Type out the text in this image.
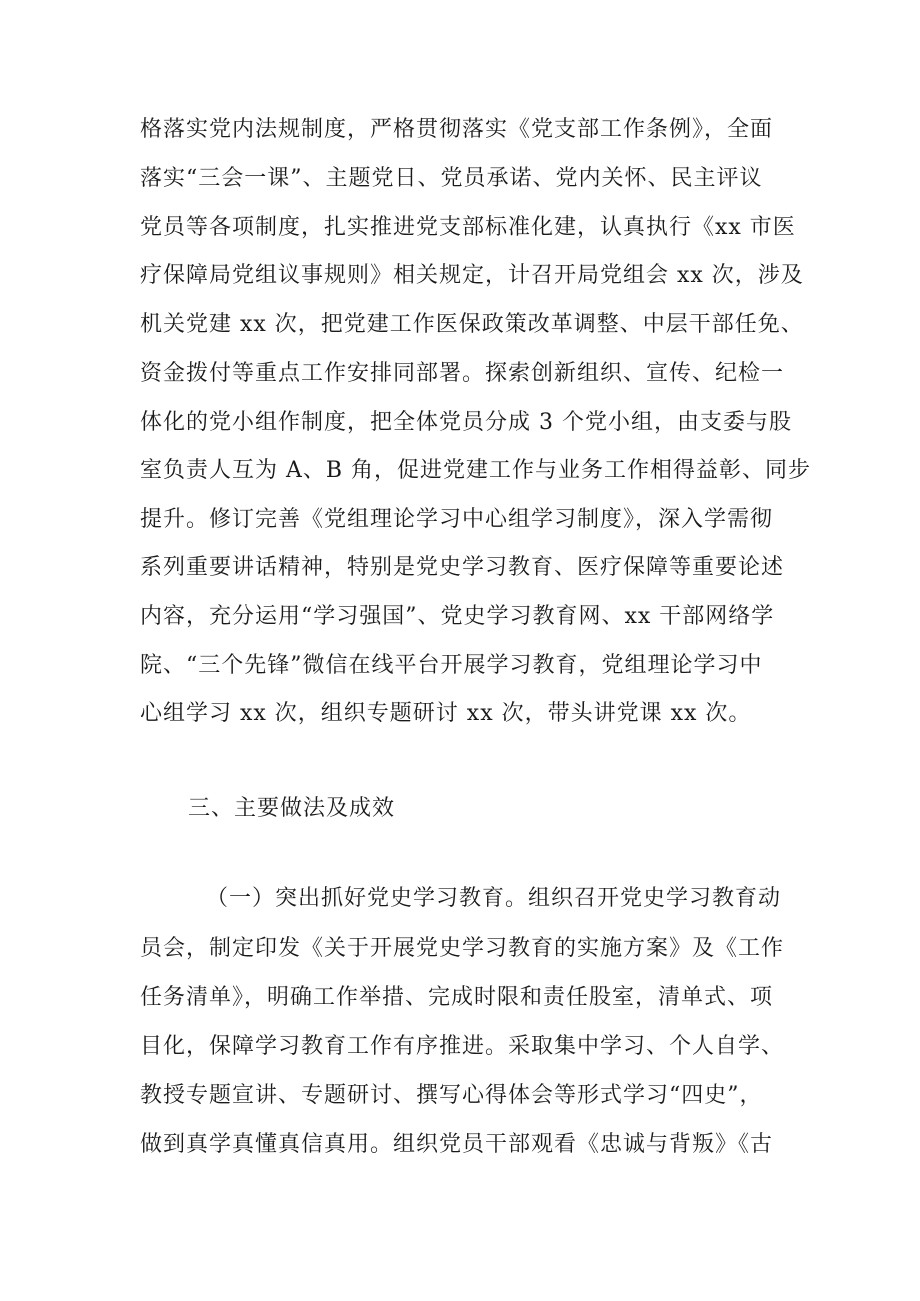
格落实党内法规制度，严格贯彻落实《党支部工作条例》，全面
落实“三会一课”、主题党日、党员承诺、党内关怀、民主评议
党员等各项制度，扎实推进党支部标准化建，认真执行《xx 市医
疗保障局党组议事规则》相关规定，计召开局党组会 xx 次，涉及
机关党建 xx 次，把党建工作医保政策改革调整、中层干部任免、
资金拨付等重点工作安排同部署。探索创新组织、宣传、纪检一
体化的党小组作制度，把全体党员分成 3 个党小组，由支委与股
室负责人互为 A、B 角，促进党建工作与业务工作相得益彰、同步
提升。修订完善《党组理论学习中心组学习制度》，深入学需彻
系列重要讲话精神，特别是党史学习教育、医疗保障等重要论述
内容，充分运用“学习强国”、党史学习教育网、xx 干部网络学
院、“三个先锋”微信在线平台开展学习教育，党组理论学习中
心组学习 xx 次，组织专题研讨 xx 次，带头讲党课 xx 次。
三、主要做法及成效
（一）突出抓好党史学习教育。组织召开党史学习教育动
员会，制定印发《关于开展党史学习教育的实施方案》及《工作
任务清单》，明确工作举措、完成时限和责任股室，清单式、项
目化，保障学习教育工作有序推进。采取集中学习、个人自学、
教授专题宣讲、专题研讨、撰写心得体会等形式学习“四史”，
做到真学真懂真信真用。组织党员干部观看《忠诚与背叛》《古
